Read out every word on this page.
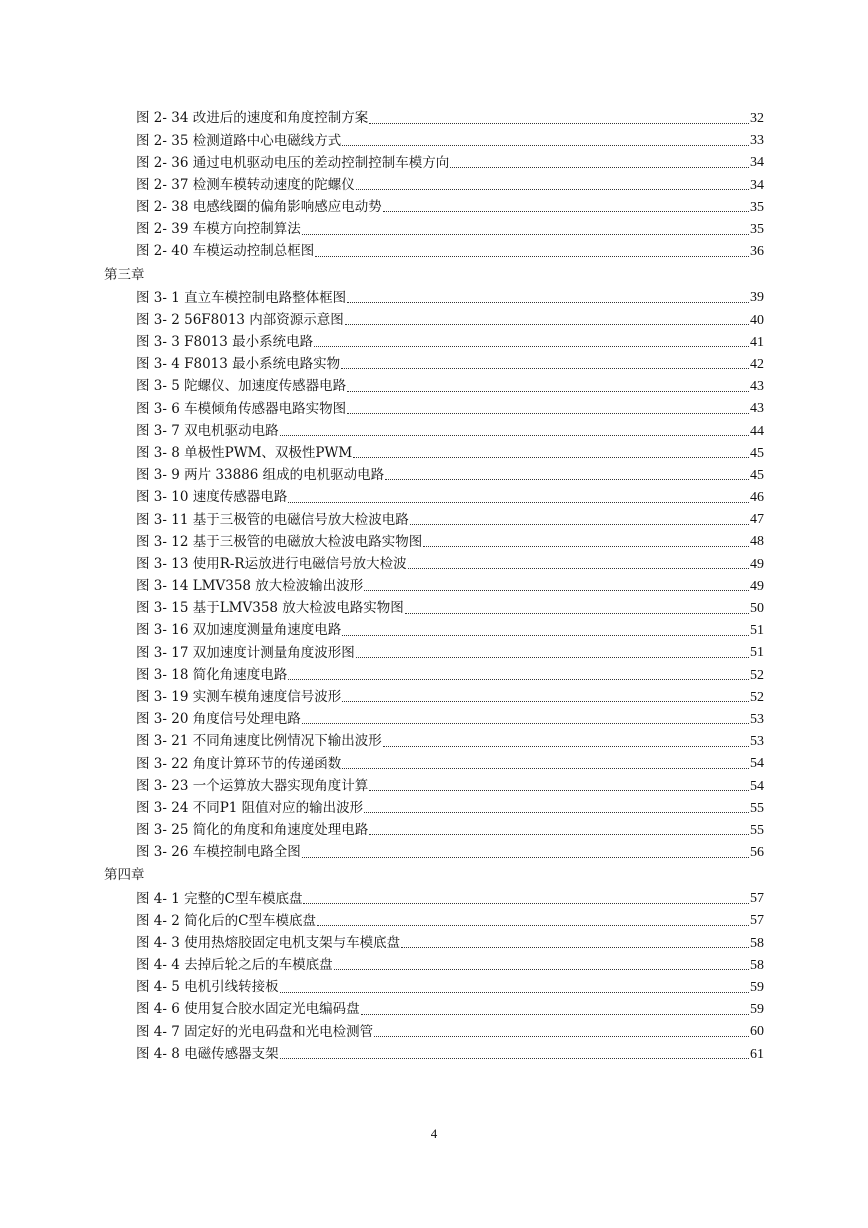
图 2- 34 改进后的速度和角度控制方案	32
图 2- 35 检测道路中心电磁线方式	33
图 2- 36 通过电机驱动电压的差动控制控制车模方向	34
图 2- 37 检测车模转动速度的陀螺仪	34
图 2- 38 电感线圈的偏角影响感应电动势	35
图 2- 39 车模方向控制算法	35
图 2- 40 车模运动控制总框图	36
第三章
图 3- 1 直立车模控制电路整体框图	39
图 3- 2 56F8013 内部资源示意图	40
图 3- 3 F8013 最小系统电路	41
图 3- 4 F8013 最小系统电路实物	42
图 3- 5 陀螺仪、加速度传感器电路	43
图 3- 6 车模倾角传感器电路实物图	43
图 3- 7 双电机驱动电路	44
图 3- 8 单极性PWM、双极性PWM	45
图 3- 9 两片 33886 组成的电机驱动电路	45
图 3- 10 速度传感器电路	46
图 3- 11 基于三极管的电磁信号放大检波电路	47
图 3- 12 基于三极管的电磁放大检波电路实物图	48
图 3- 13 使用R-R运放进行电磁信号放大检波	49
图 3- 14 LMV358 放大检波输出波形	49
图 3- 15 基于LMV358 放大检波电路实物图	50
图 3- 16 双加速度测量角速度电路	51
图 3- 17 双加速度计测量角度波形图	51
图 3- 18 简化角速度电路	52
图 3- 19 实测车模角速度信号波形	52
图 3- 20 角度信号处理电路	53
图 3- 21 不同角速度比例情况下输出波形	53
图 3- 22 角度计算环节的传递函数	54
图 3- 23 一个运算放大器实现角度计算	54
图 3- 24 不同P1 阻值对应的输出波形	55
图 3- 25 简化的角度和角速度处理电路	55
图 3- 26 车模控制电路全图	56
第四章
图 4- 1 完整的C型车模底盘	57
图 4- 2 简化后的C型车模底盘	57
图 4- 3 使用热熔胶固定电机支架与车模底盘	58
图 4- 4 去掉后轮之后的车模底盘	58
图 4- 5 电机引线转接板	59
图 4- 6 使用复合胶水固定光电编码盘	59
图 4- 7 固定好的光电码盘和光电检测管	60
图 4- 8 电磁传感器支架	61
4
